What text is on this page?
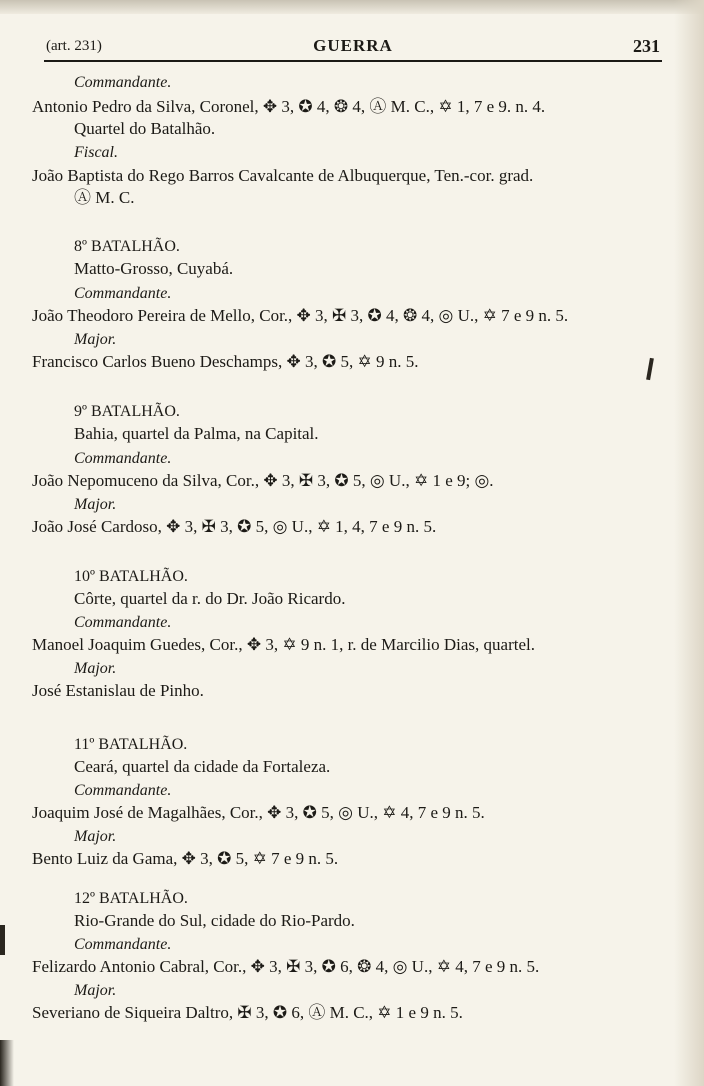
(art. 231)	GUERRA	231
Commandante.
Antonio Pedro da Silva, Coronel, ✥ 3, ✪ 4, ❂ 4, Ⓐ M. C., ✡ 1, 7 e 9. n. 4.
Quartel do Batalhão.
Fiscal.
João Baptista do Rego Barros Cavalcante de Albuquerque, Ten.-cor. grad.
Ⓐ M. C.
8º BATALHÃO.
Matto-Grosso, Cuyabá.
Commandante.
João Theodoro Pereira de Mello, Cor., ✥ 3, ✠ 3, ✪ 4, ❂ 4, ◎ U., ✡ 7 e 9 n. 5.
Major.
Francisco Carlos Bueno Deschamps, ✥ 3, ✪ 5, ✡ 9 n. 5.
9º BATALHÃO.
Bahia, quartel da Palma, na Capital.
Commandante.
João Nepomuceno da Silva, Cor., ✥ 3, ✠ 3, ✪ 5, ◎ U., ✡ 1 e 9; ◎.
Major.
João José Cardoso, ✥ 3, ✠ 3, ✪ 5, ◎ U., ✡ 1, 4, 7 e 9 n. 5.
10º BATALHÃO.
Côrte, quartel da r. do Dr. João Ricardo.
Commandante.
Manoel Joaquim Guedes, Cor., ✥ 3, ✡ 9 n. 1, r. de Marcilio Dias, quartel.
Major.
José Estanislau de Pinho.
11º BATALHÃO.
Ceará, quartel da cidade da Fortaleza.
Commandante.
Joaquim José de Magalhães, Cor., ✥ 3, ✪ 5, ◎ U., ✡ 4, 7 e 9 n. 5.
Major.
Bento Luiz da Gama, ✥ 3, ✪ 5, ✡ 7 e 9 n. 5.
12º BATALHÃO.
Rio-Grande do Sul, cidade do Rio-Pardo.
Commandante.
Felizardo Antonio Cabral, Cor., ✥ 3, ✠ 3, ✪ 6, ❂ 4, ◎ U., ✡ 4, 7 e 9 n. 5.
Major.
Severiano de Siqueira Daltro, ✠ 3, ✪ 6, Ⓐ M. C., ✡ 1 e 9 n. 5.
